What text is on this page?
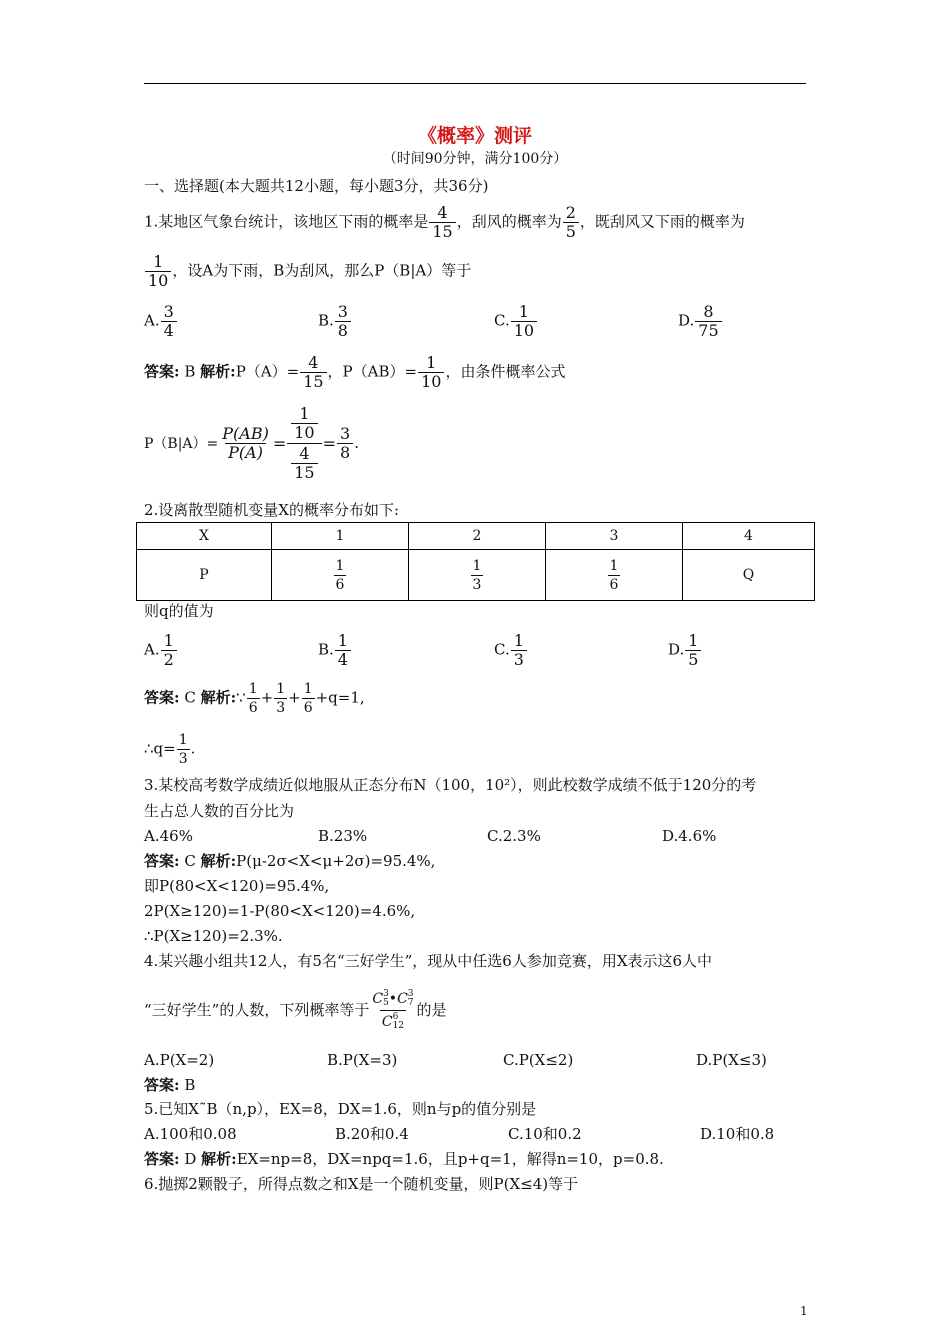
《概率》测评
（时间90分钟，满分100分）
一、选择题(本大题共12小题，每小题3分，共36分)
1.某地区气象台统计，该地区下雨的概率是 $\frac{4}{15}$ ，刮风的概率为 $\frac{2}{5}$ ，既刮风又下雨的概率为
$\frac{1}{10}$ ，设A为下雨，B为刮风，那么P（B|A）等于
A. $\frac{3}{4}$	B. $\frac{3}{8}$	C. $\frac{1}{10}$	D. $\frac{8}{75}$
答案: B 解析:P（A）= $\frac{4}{15}$ ，$P(AB)= \frac{1}{10}$ ，由条件概率公式
$P(B|A)= \frac{P(AB)}{P(A)} = \frac{\frac{1}{10}}{\frac{4}{15}} = \frac{3}{8}$ .
2.设离散型随机变量X的概率分布如下:
X	1	2	3	4
P	$\frac{1}{6}$	$\frac{1}{3}$	$\frac{1}{6}$	Q
则q的值为
A. $\frac{1}{2}$	B. $\frac{1}{4}$	C. $\frac{1}{3}$	D. $\frac{1}{5}$
答案: C 解析:∵ $\frac{1}{6} + \frac{1}{3} + \frac{1}{6} +q=1$,
∴q= $\frac{1}{3}$ .
3.某校高考数学成绩近似地服从正态分布N（100，10²），则此校数学成绩不低于120分的考
生占总人数的百分比为
A.46%	B.23%	C.2.3%	D.4.6%
答案: C 解析:P(μ-2σ<X<μ+2σ)=95.4%,
即P(80<X<120)=95.4%,
2P(X≥120)=1-P(80<X<120)=4.6%,
∴P(X≥120)=2.3%.
4.某兴趣小组共12人，有5名“三好学生”，现从中任选6人参加竞赛，用X表示这6人中
“三好学生”的人数，下列概率等于 C 3
5 •C 3
7
C 6
12 的是
A.P(X=2)	B.P(X=3)	C.P(X≤2)	D.P(X≤3)
答案: B
5.已知X˜B（n,p），EX=8，DX=1.6，则n与p的值分别是
A.100和0.08	B.20和0.4	C.10和0.2	D.10和0.8
答案: D 解析:EX=np=8，DX=npq=1.6，且p+q=1，解得n=10，p=0.8.
6.抛掷2颗骰子，所得点数之和X是一个随机变量，则P(X≤4)等于
1
